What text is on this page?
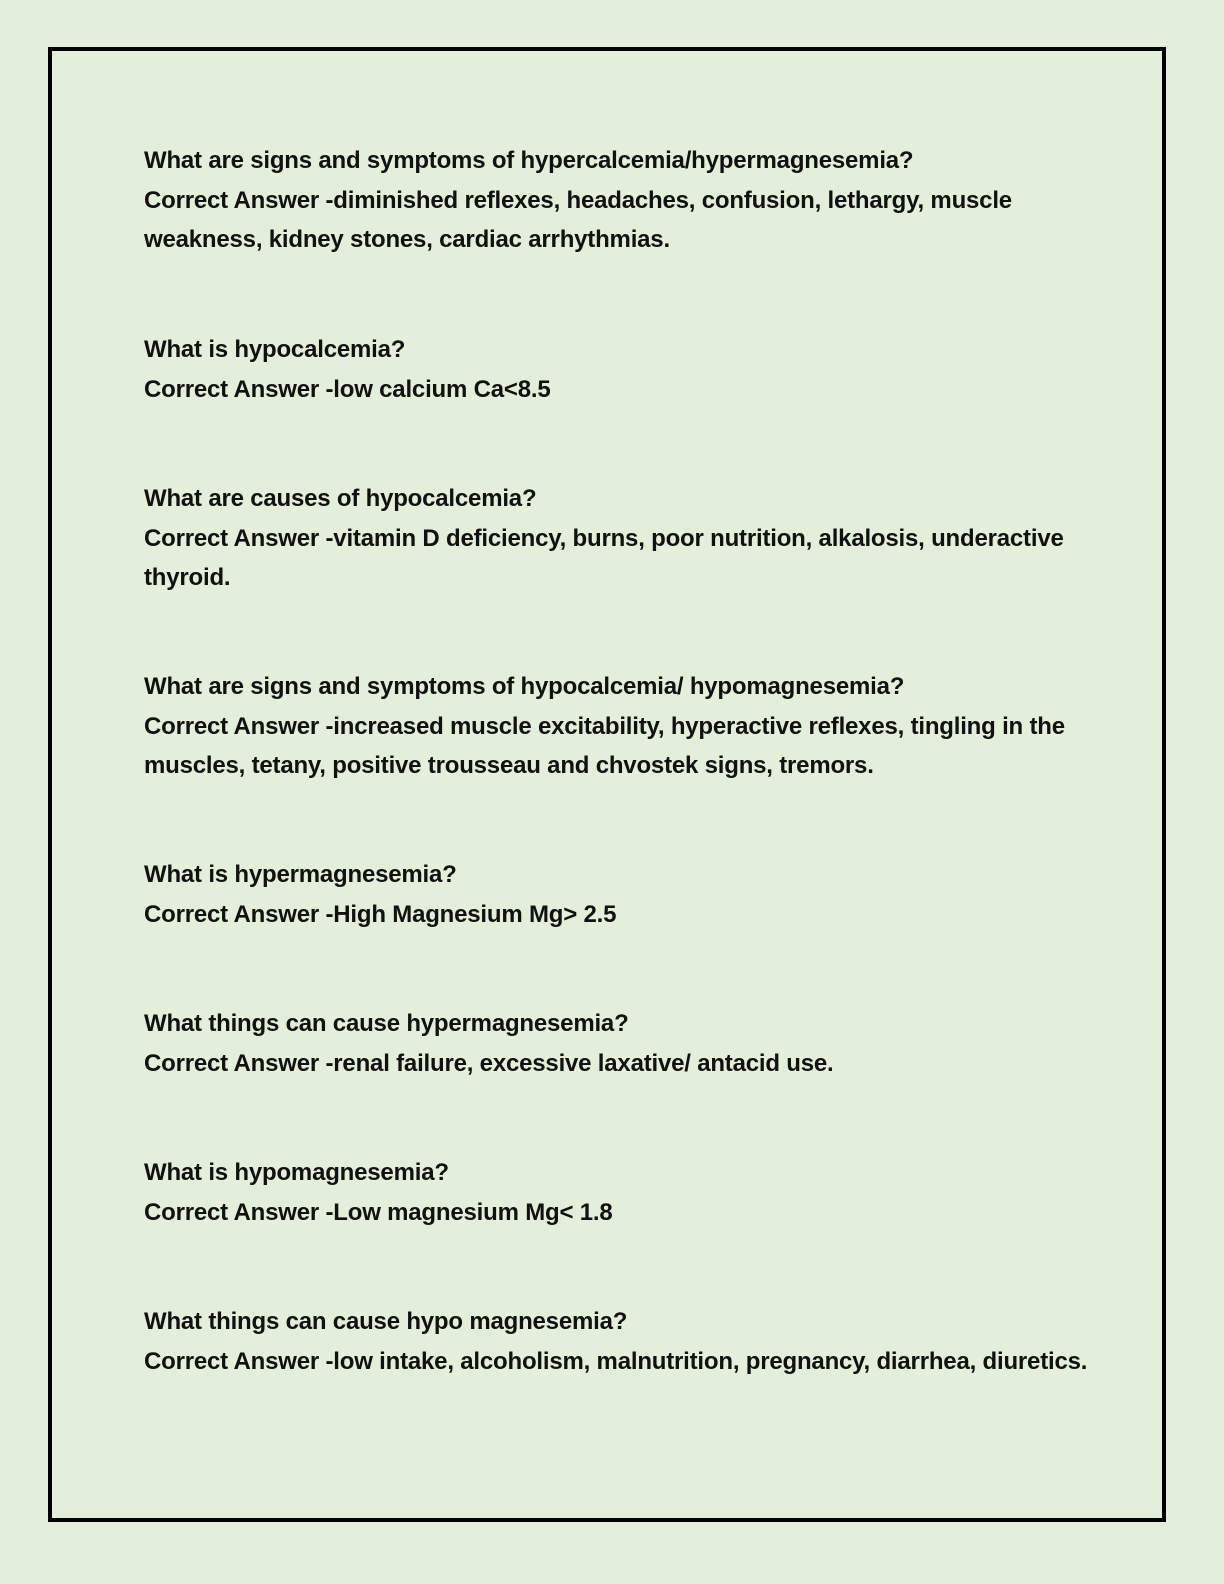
What are signs and symptoms of hypercalcemia/hypermagnesemia?

Correct Answer -diminished reflexes, headaches, confusion, lethargy, muscle weakness, kidney stones, cardiac arrhythmias.

What is hypocalcemia?

Correct Answer -low calcium Ca<8.5

What are causes of hypocalcemia?

Correct Answer -vitamin D deficiency, burns, poor nutrition, alkalosis, underactive thyroid.

What are signs and symptoms of hypocalcemia/ hypomagnesemia?

Correct Answer -increased muscle excitability, hyperactive reflexes, tingling in the muscles, tetany, positive trousseau and chvostek signs, tremors.

What is hypermagnesemia?

Correct Answer -High Magnesium Mg> 2.5

What things can cause hypermagnesemia?

Correct Answer -renal failure, excessive laxative/ antacid use.

What is hypomagnesemia?

Correct Answer -Low magnesium Mg< 1.8

What things can cause hypo magnesemia?

Correct Answer -low intake, alcoholism, malnutrition, pregnancy, diarrhea, diuretics.
